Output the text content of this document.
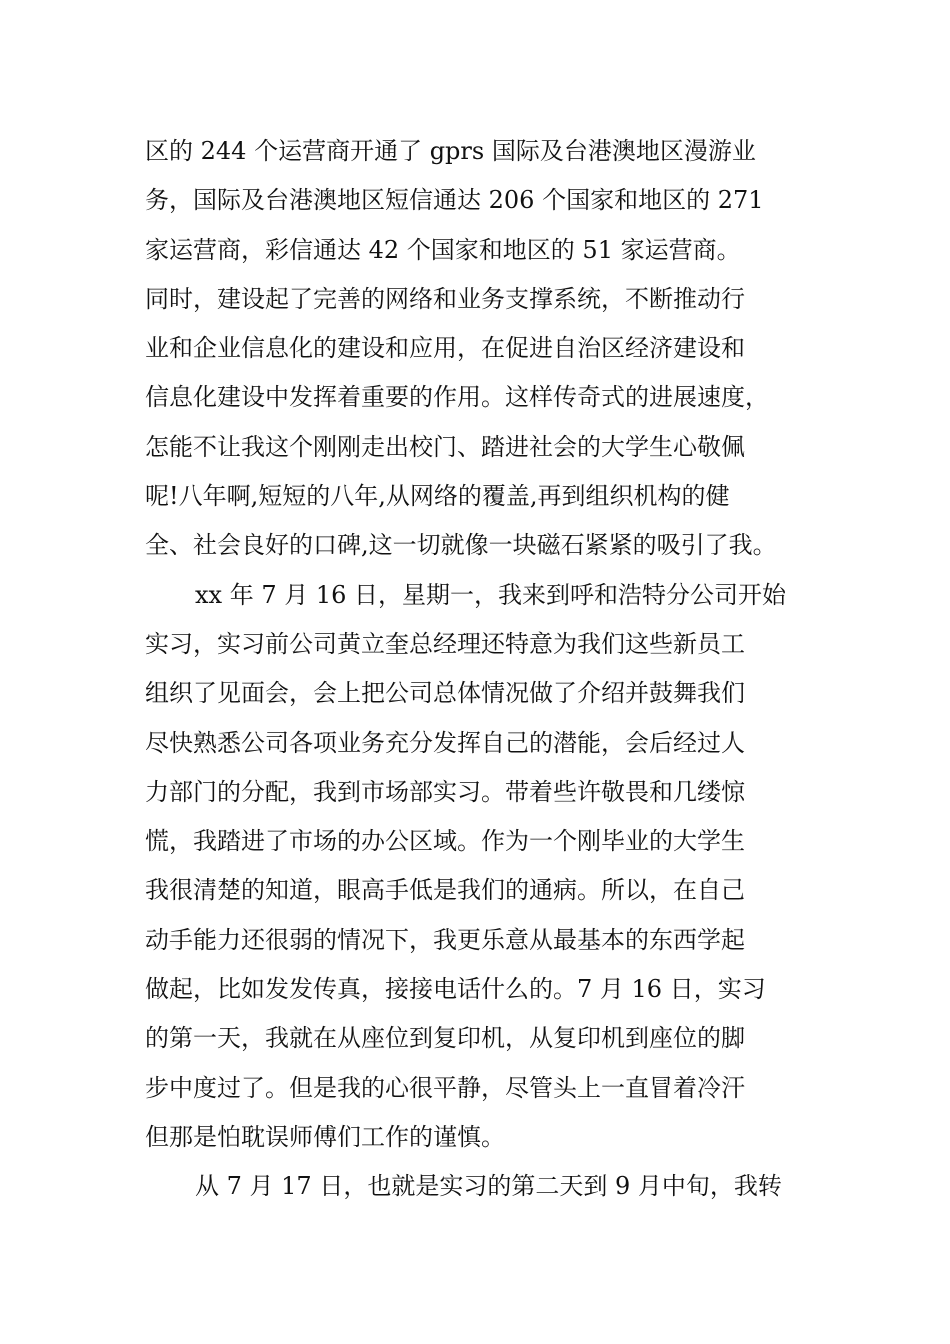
区的 244 个运营商开通了 gprs 国际及台港澳地区漫游业
务，国际及台港澳地区短信通达 206 个国家和地区的 271
家运营商，彩信通达 42 个国家和地区的 51 家运营商。
同时，建设起了完善的网络和业务支撑系统，不断推动行
业和企业信息化的建设和应用，在促进自治区经济建设和
信息化建设中发挥着重要的作用。这样传奇式的进展速度，
怎能不让我这个刚刚走出校门、踏进社会的大学生心敬佩
呢!八年啊,短短的八年,从网络的覆盖,再到组织机构的健
全、社会良好的口碑,这一切就像一块磁石紧紧的吸引了我。
xx 年 7 月 16 日，星期一，我来到呼和浩特分公司开始
实习，实习前公司黄立奎总经理还特意为我们这些新员工
组织了见面会，会上把公司总体情况做了介绍并鼓舞我们
尽快熟悉公司各项业务充分发挥自己的潜能，会后经过人
力部门的分配，我到市场部实习。带着些许敬畏和几缕惊
慌，我踏进了市场的办公区域。作为一个刚毕业的大学生
我很清楚的知道，眼高手低是我们的通病。所以，在自己
动手能力还很弱的情况下，我更乐意从最基本的东西学起
做起，比如发发传真，接接电话什么的。7 月 16 日，实习
的第一天，我就在从座位到复印机，从复印机到座位的脚
步中度过了。但是我的心很平静，尽管头上一直冒着冷汗
但那是怕耽误师傅们工作的谨慎。
从 7 月 17 日，也就是实习的第二天到 9 月中旬，我转
